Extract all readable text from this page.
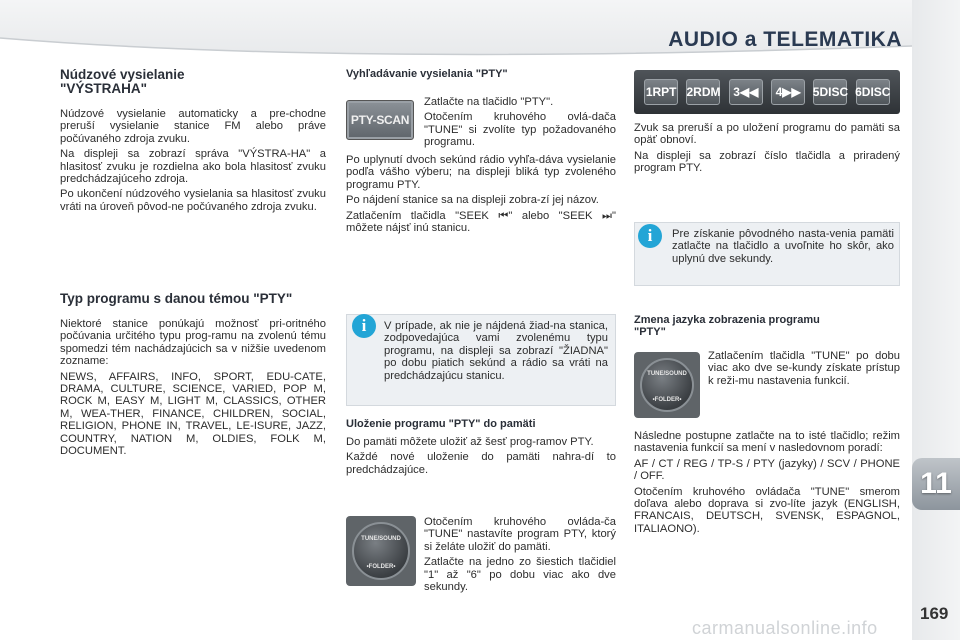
AUDIO a TELEMATIKA
11
169
carmanualsonline.info
Núdzové vysielanie "VÝSTRAHA"
Núdzové vysielanie automaticky a pre-chodne preruší vysielanie stanice FM alebo práve počúvaného zdroja zvuku.
Na displeji sa zobrazí správa "VÝSTRA-HA" a hlasitosť zvuku je rozdielna ako bola hlasitosť zvuku predchádzajúceho zdroja.
Po ukončení núdzového vysielania sa hlasitosť zvuku vráti na úroveň pôvod-ne počúvaného zdroja zvuku.
Typ programu s danou témou "PTY"
Niektoré stanice ponúkajú možnosť pri-oritného počúvania určitého typu prog-ramu na zvolenú tému spomedzi tém nachádzajúcich sa v nižšie uvedenom zozname:
NEWS, AFFAIRS, INFO, SPORT, EDU-CATE, DRAMA, CULTURE, SCIENCE, VARIED, POP M, ROCK M, EASY M, LIGHT M, CLASSICS, OTHER M, WEA-THER, FINANCE, CHILDREN, SOCIAL, RELIGION, PHONE IN, TRAVEL, LE-ISURE, JAZZ, COUNTRY, NATION M, OLDIES, FOLK M, DOCUMENT.
Vyhľadávanie vysielania "PTY"
PTY-SCAN
Zatlačte na tlačidlo "PTY".
Otočením kruhového ovlá-dača "TUNE" si zvolíte typ požadovaného programu.
Po uplynutí dvoch sekúnd rádio vyhľa-dáva vysielanie podľa vášho výberu; na displeji bliká typ zvoleného programu PTY.
Po nájdení stanice sa na displeji zobra-zí jej názov.
Zatlačením tlačidla "SEEK ⏮" alebo "SEEK ⏭" môžete nájsť inú stanicu.
i	V prípade, ak nie je nájdená žiad-na stanica, zodpovedajúca vami zvolenému typu programu, na displeji sa zobrazí "ŽIADNA" po dobu piatich sekúnd a rádio sa vráti na predchádzajúcu stanicu.
Uloženie programu "PTY" do pamäti
Do pamäti môžete uložiť až šesť prog-ramov PTY.
Každé nové uloženie do pamäti nahra-dí to predchádzajúce.
TUNE/SOUND
•FOLDER•
Otočením kruhového ovláda-ča "TUNE" nastavíte program PTY, ktorý si želáte uložiť do pamäti.
Zatlačte na jedno zo šiestich tlačidiel "1" až "6" po dobu viac ako dve sekundy.
1RPT 2RDM	3◀◀	4▶▶	5DISC 6DISC
Zvuk sa preruší a po uložení programu do pamäti sa opäť obnoví.
Na displeji sa zobrazí číslo tlačidla a priradený program PTY.
i	Pre získanie pôvodného nasta-venia pamäti zatlačte na tlačidlo a uvoľnite ho skôr, ako uplynú dve sekundy.
Zmena jazyka zobrazenia programu "PTY"
TUNE/SOUND
•FOLDER•
Zatlačením tlačidla "TUNE" po dobu viac ako dve se-kundy získate prístup k reži-mu nastavenia funkcií.
Následne postupne zatlačte na to isté tlačidlo; režim nastavenia funkcií sa mení v nasledovnom poradí:
AF / CT / REG / TP-S / PTY (jazyky) / SCV / PHONE / OFF.
Otočením kruhového ovládača "TUNE" smerom doľava alebo doprava si zvo-líte jazyk (ENGLISH, FRANCAIS, DEUTSCH, SVENSK, ESPAGNOL, ITALIAONO).
